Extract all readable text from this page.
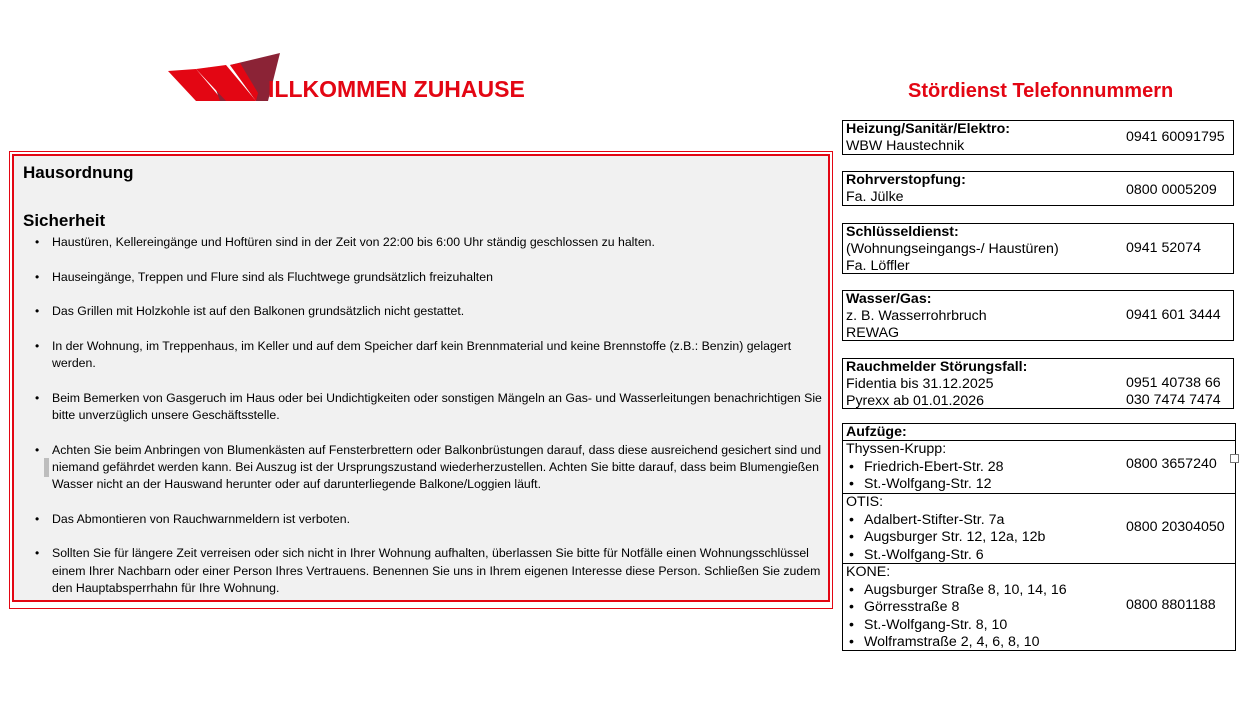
ILLKOMMEN ZUHAUSE
Hausordnung
Sicherheit
• Haustüren, Kellereingänge und Hoftüren sind in der Zeit von 22:00 bis 6:00 Uhr ständig geschlossen zu halten.
• Hauseingänge, Treppen und Flure sind als Fluchtwege grundsätzlich freizuhalten
• Das Grillen mit Holzkohle ist auf den Balkonen grundsätzlich nicht gestattet.
• In der Wohnung, im Treppenhaus, im Keller und auf dem Speicher darf kein Brennmaterial und keine Brennstoffe (z.B.: Benzin) gelagert werden.
• Beim Bemerken von Gasgeruch im Haus oder bei Undichtigkeiten oder sonstigen Mängeln an Gas- und Wasserleitungen benachrichtigen Sie bitte unverzüglich unsere Geschäftsstelle.
• Achten Sie beim Anbringen von Blumenkästen auf Fensterbrettern oder Balkonbrüstungen darauf, dass diese ausreichend gesichert sind und niemand gefährdet werden kann. Bei Auszug ist der Ursprungszustand wiederherzustellen. Achten Sie bitte darauf, dass beim Blumengießen Wasser nicht an der Hauswand herunter oder auf darunterliegende Balkone/Loggien läuft.
• Das Abmontieren von Rauchwarnmeldern ist verboten.
• Sollten Sie für längere Zeit verreisen oder sich nicht in Ihrer Wohnung aufhalten, überlassen Sie bitte für Notfälle einen Wohnungsschlüssel einem Ihrer Nachbarn oder einer Person Ihres Vertrauens. Benennen Sie uns in Ihrem eigenen Interesse diese Person. Schließen Sie zudem den Hauptabsperrhahn für Ihre Wohnung.
Stördienst Telefonnummern
Heizung/Sanitär/Elektro:
WBW Haustechnik
0941 60091795
Rohrverstopfung:
Fa. Jülke	0800 0005209
Schlüsseldienst:
(Wohnungseingangs-/ Haustüren)
Fa. Löffler
0941 52074
Wasser/Gas:
z. B. Wasserrohrbruch
REWAG
0941 601 3444
Rauchmelder Störungsfall:
Fidentia bis 31.12.2025
Pyrexx ab 01.01.2026
0951 40738 66
030 7474 7474
Aufzüge:
Thyssen-Krupp:
• Friedrich-Ebert-Str. 28
• St.-Wolfgang-Str. 12
0800 3657240
OTIS:
• Adalbert-Stifter-Str. 7a
• Augsburger Str. 12, 12a, 12b
• St.-Wolfgang-Str. 6
0800 20304050
KONE:
• Augsburger Straße 8, 10, 14, 16
• Görresstraße 8
• St.-Wolfgang-Str. 8, 10
• Wolframstraße 2, 4, 6, 8, 10
0800 8801188
